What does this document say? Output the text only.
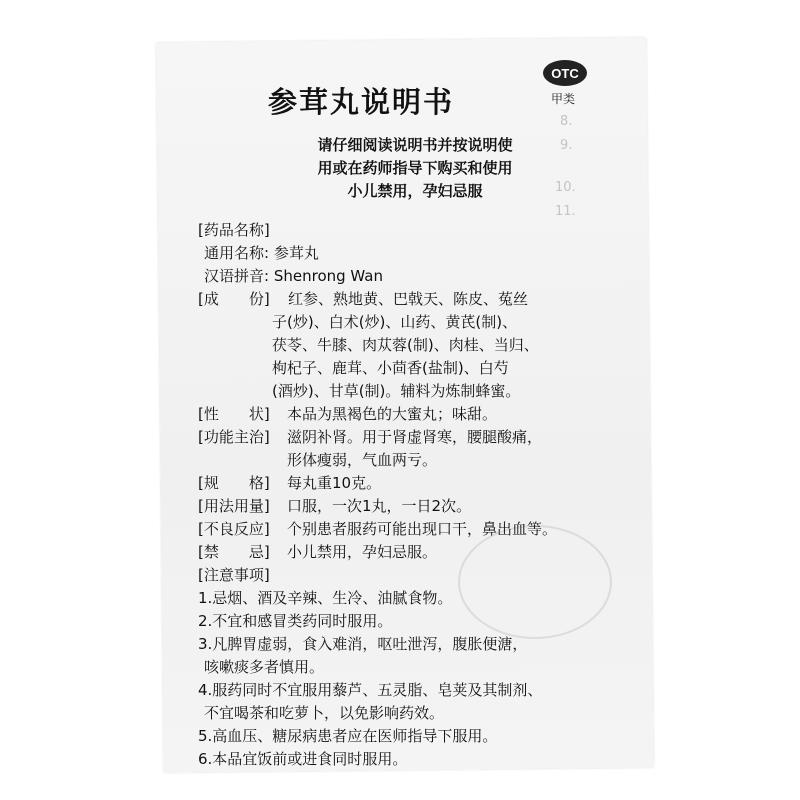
8.
9.
10.
11.
参茸丸说明书
OTC
甲类
请仔细阅读说明书并按说明使
用或在药师指导下购买和使用
小儿禁用，孕妇忌服
[药品名称]
通用名称: 参茸丸
汉语拼音: Shenrong Wan
[成　　份] 红参、熟地黄、巴戟天、陈皮、菟丝
子(炒)、白术(炒)、山药、黄芪(制)、
茯苓、牛膝、肉苁蓉(制)、肉桂、当归、
枸杞子、鹿茸、小茴香(盐制)、白芍
(酒炒)、甘草(制)。辅料为炼制蜂蜜。
[性　　状] 本品为黑褐色的大蜜丸；味甜。
[功能主治] 滋阴补肾。用于肾虚肾寒，腰腿酸痛，
形体瘦弱，气血两亏。
[规　　格] 每丸重10克。
[用法用量] 口服，一次1丸，一日2次。
[不良反应] 个别患者服药可能出现口干，鼻出血等。
[禁　　忌] 小儿禁用，孕妇忌服。
[注意事项]
1.忌烟、酒及辛辣、生冷、油腻食物。
2.不宜和感冒类药同时服用。
3.凡脾胃虚弱，食入难消，呕吐泄泻，腹胀便溏，
咳嗽痰多者慎用。
4.服药同时不宜服用藜芦、五灵脂、皂荚及其制剂、
不宜喝茶和吃萝卜，以免影响药效。
5.高血压、糖尿病患者应在医师指导下服用。
6.本品宜饭前或进食同时服用。
